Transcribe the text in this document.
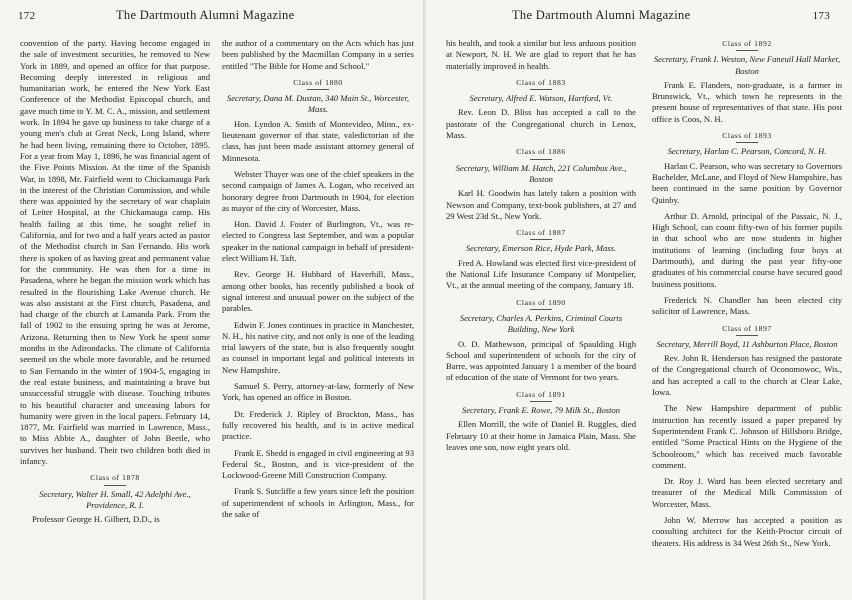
172	The Dartmouth Alumni Magazine

convention of the party. Having become engaged in the sale of investment securities, he removed to New York in 1889, and opened an office for that purpose. Becoming deeply interested in religious and humanitarian work, he entered the New York East Conference of the Methodist Episcopal church, and gave much time to Y. M. C. A., mission, and settlement work. In 1894 he gave up business to take charge of a young men's club at Great Neck, Long Island, where he had been living, remaining there to October, 1895. For a year from May 1, 1896, he was financial agent of the Five Points Mission. At the time of the Spanish War, in 1898, Mr. Fairfield went to Chickamauga Park in the interest of the Christian Commission, and while there was appointed by the secretary of war chaplain of Leiter Hospital, at the Chickamauga camp. His health failing at this time, he sought relief in California, and for two and a half years acted as pastor of the Methodist church in San Fernando. His work there is spoken of as having great and permanent value for the community. He was then for a time in Pasadena, where he began the mission work which has resulted in the flourishing Lake Avenue church. He was also assistant at the First church, Pasadena, and had charge of the church at Lamanda Park. From the fall of 1902 to the ensuing spring he was at Jerome, Arizona. Returning then to New York he spent some months in the Adirondacks. The climate of California seemed on the whole more favorable, and he returned to San Fernando in the winter of 1904-5, engaging in the real estate business, and maintaining a brave but unsuccessful struggle with disease. Touching tributes to his beautiful character and unceasing labors for humanity were given in the local papers. February 14, 1877, Mr. Fairfield was married in Lawrence, Mass., to Miss Abbie A., daughter of John Beetle, who survives her husband. Their two children both died in infancy.

Class of 1878
Secretary, Walter H. Small, 42 Adelphi Ave., Providence, R. I.

Professor George H. Gilbert, D.D., is

the author of a commentary on the Acts which has just been published by the Macmillan Company in a series entitled "The Bible for Home and School."

Class of 1880
Secretary, Dana M. Dustan, 340 Main St., Worcester, Mass.

Hon. Lyndon A. Smith of Montevideo, Minn., ex-lieutenant governor of that state, valedictorian of the class, has just been made assistant attorney general of Minnesota.

Webster Thayer was one of the chief speakers in the second campaign of James A. Logan, who received an honorary degree from Dartmouth in 1904, for election as mayor of the city of Worcester, Mass.

Hon. David J. Foster of Burlington, Vt., was re-elected to Congress last September, and was a popular speaker in the national campaign in behalf of president-elect William H. Taft.

Rev. George H. Hubbard of Haverhill, Mass., among other books, has recently published a book of signal interest and unusual power on the subject of the parables.

Edwin F. Jones continues in practice in Manchester, N. H., his native city, and not only is one of the leading trial lawyers of the state, but is also frequently sought as counsel in important legal and political interests in New Hampshire.

Samuel S. Perry, attorney-at-law, formerly of New York, has opened an office in Boston.

Dr. Frederick J. Ripley of Brockton, Mass., has fully recovered his health, and is in active medical practice.

Frank E. Shedd is engaged in civil engineering at 93 Federal St., Boston, and is vice-president of the Lockwood-Greene Mill Construction Company.

Frank S. Sutcliffe a few years since left the position of superintendent of schools in Arlington, Mass., for the sake of

The Dartmouth Alumni Magazine	173

his health, and took a similar but less arduous position at Newport, N. H. We are glad to report that he has materially improved in health.

Class of 1883
Secretary, Alfred E. Watson, Hartford, Vt.

Rev. Leon D. Bliss has accepted a call to the pastorate of the Congregational church in Lenox, Mass.

Class of 1886
Secretary, William M. Hatch, 221 Columbus Ave., Boston

Karl H. Goodwin has lately taken a position with Newson and Company, text-book publishers, at 27 and 29 West 23d St., New York.

Class of 1887
Secretary, Emerson Rice, Hyde Park, Mass.

Fred A. Howland was elected first vice-president of the National Life Insurance Company of Montpelier, Vt., at the annual meeting of the company, January 18.

Class of 1890
Secretary, Charles A. Perkins, Criminal Courts Building, New York

O. D. Mathewson, principal of Spaulding High School and superintendent of schools for the city of Barre, was appointed January 1 a member of the board of education of the state of Vermont for two years.

Class of 1891
Secretary, Frank E. Rowe, 79 Milk St., Boston

Ellen Morrill, the wife of Daniel B. Ruggles, died February 10 at their home in Jamaica Plain, Mass. She leaves one son, now eight years old.

Class of 1892
Secretary, Frank I. Weston, New Faneuil Hall Market, Boston

Frank E. Flanders, non-graduate, is a farmer in Brunswick, Vt., which town he represents in the present house of representatives of that state. His post office is Coos, N. H.

Class of 1893
Secretary, Harlan C. Pearson, Concord, N. H.

Harlan C. Pearson, who was secretary to Governors Bachelder, McLane, and Floyd of New Hampshire, has been continued in the same position by Governor Quinby.

Arthur D. Arnold, principal of the Passaic, N. J., High School, can count fifty-two of his former pupils in that school who are now students in higher institutions of learning (including four boys at Dartmouth), and during the past year fifty-one graduates of his commercial course have secured good business positions.

Frederick N. Chandler has been elected city solicitor of Lawrence, Mass.

Class of 1897
Secretary, Merrill Boyd, 11 Ashburton Place, Boston

Rev. John R. Henderson has resigned the pastorate of the Congregational church of Oconomowoc, Wis., and has accepted a call to the church at Clear Lake, Iowa.

The New Hampshire department of public instruction has recently issued a paper prepared by Superintendent Frank C. Johnson of Hillsboro Bridge, entitled "Some Practical Hints on the Hygiene of the Schoolroom," which has received much favorable comment.

Dr. Roy J. Ward has been elected secretary and treasurer of the Medical Milk Commission of Worcester, Mass.

John W. Merrow has accepted a position as consulting architect for the Keith-Proctor circuit of theaters. His address is 34 West 26th St., New York.
